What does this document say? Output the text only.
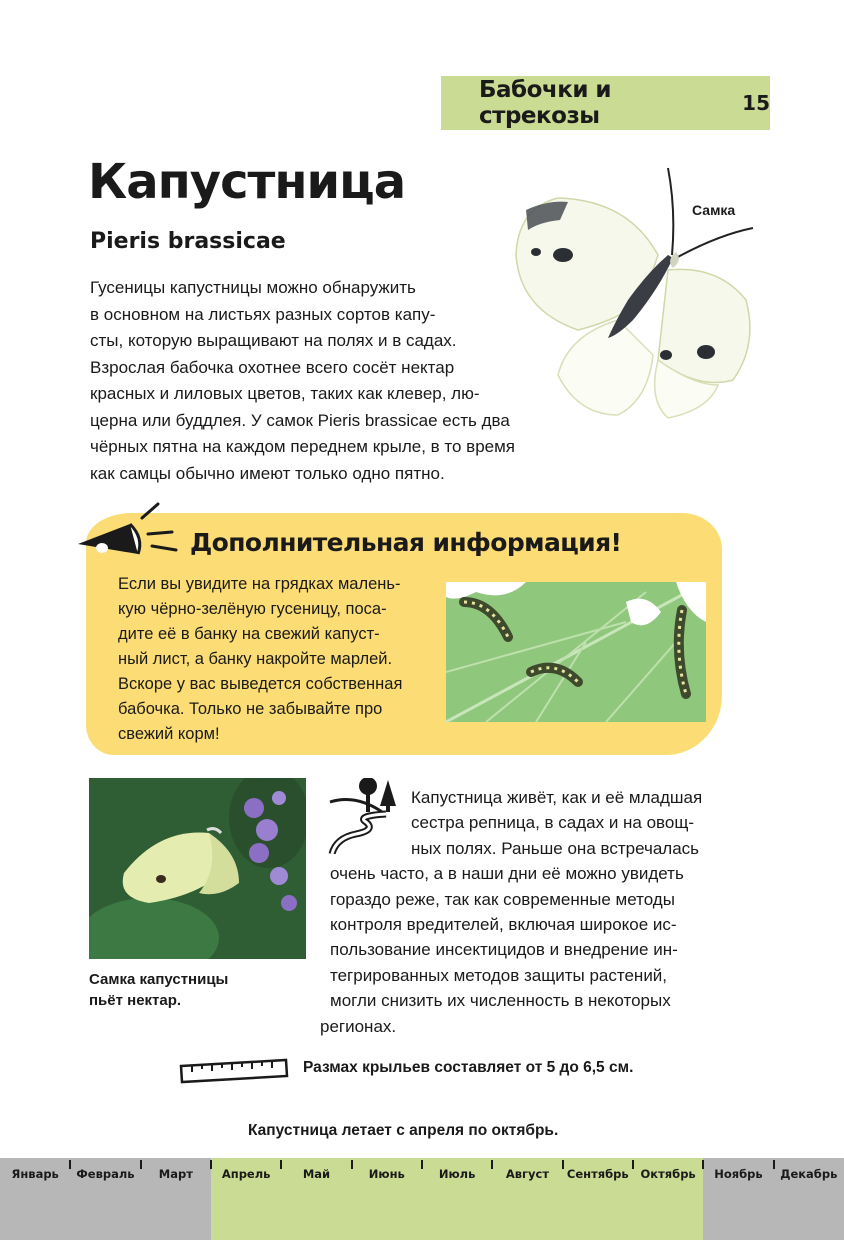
Бабочки и стрекозы	15
Капустница
Pieris brassicae

Гусеницы капустницы можно обнаружить
в основном на листьях разных сортов капу-
сты, которую выращивают на полях и в садах.
Взрослая бабочка охотнее всего сосёт нектар
красных и лиловых цветов, таких как клевер, лю-
церна или буддлея. У самок Pieris brassicae есть два
чёрных пятна на каждом переднем крыле, в то время
как самцы обычно имеют только одно пятно.

Самка
Дополнительная информация!

Если вы увидите на грядках малень-
кую чёрно-зелёную гусеницу, поса-
дите её в банку на свежий капуст-
ный лист, а банку накройте марлей.
Вскоре у вас выведется собственная
бабочка. Только не забывайте про
свежий корм!

Самка капустницы
пьёт нектар.

Капустница живёт, как и её младшая
сестра репница, в садах и на овощ-
ных полях. Раньше она встречалась
очень часто, а в наши дни её можно увидеть
гораздо реже, так как современные методы
контроля вредителей, включая широкое ис-
пользование инсектицидов и внедрение ин-
тегрированных методов защиты растений,
могли снизить их численность в некоторых
регионах.

Размах крыльев составляет от 5 до 6,5 см.
Капустница летает с апреля по октябрь.
Январь	Февраль	Март	Апрель	Май	Июнь	Июль	Август	Сентябрь	Октябрь	Ноябрь	Декабрь
